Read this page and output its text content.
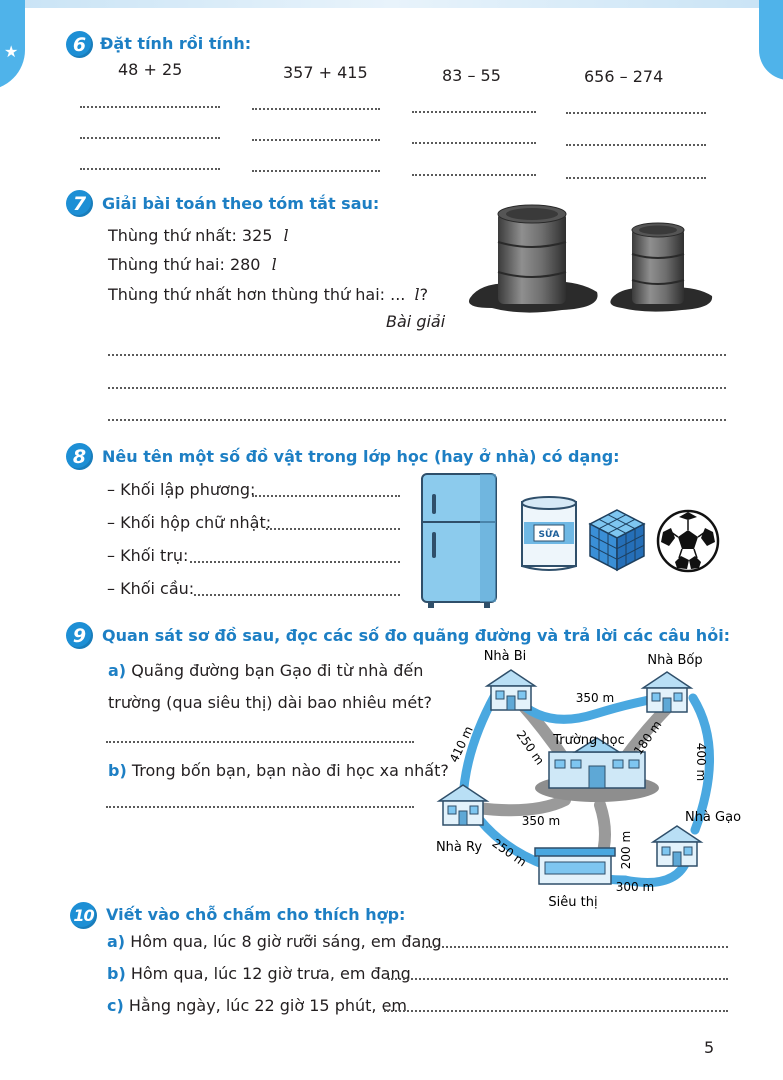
★	6 Đặt tính rồi tính:
48 + 25	357 + 415	83 – 55	656 – 274
7 Giải bài toán theo tóm tắt sau:
Thùng thứ nhất: 325 l
Thùng thứ hai: 280 l
Thùng thứ nhất hơn thùng thứ hai: ... l?
Bài giải
8 Nêu tên một số đồ vật trong lớp học (hay ở nhà) có dạng:
– Khối lập phương:
– Khối hộp chữ nhật:
– Khối trụ:
– Khối cầu:
SỮA
9 Quan sát sơ đồ sau, đọc các số đo quãng đường và trả lời các câu hỏi:
a) Quãng đường bạn Gạo đi từ nhà đến
trường (qua siêu thị) dài bao nhiêu mét?
b) Trong bốn bạn, bạn nào đi học xa nhất?
Nhà Bi	Nhà Bốp
Trường học
Nhà Gạo
Nhà Ry
Siêu thị
350 m
250 m	180 m
410 m	400 m
350 m
200 m
250 m
300 m
10 Viết vào chỗ chấm cho thích hợp:
a) Hôm qua, lúc 8 giờ rưỡi sáng, em đang
b) Hôm qua, lúc 12 giờ trưa, em đang
c) Hằng ngày, lúc 22 giờ 15 phút, em
5
